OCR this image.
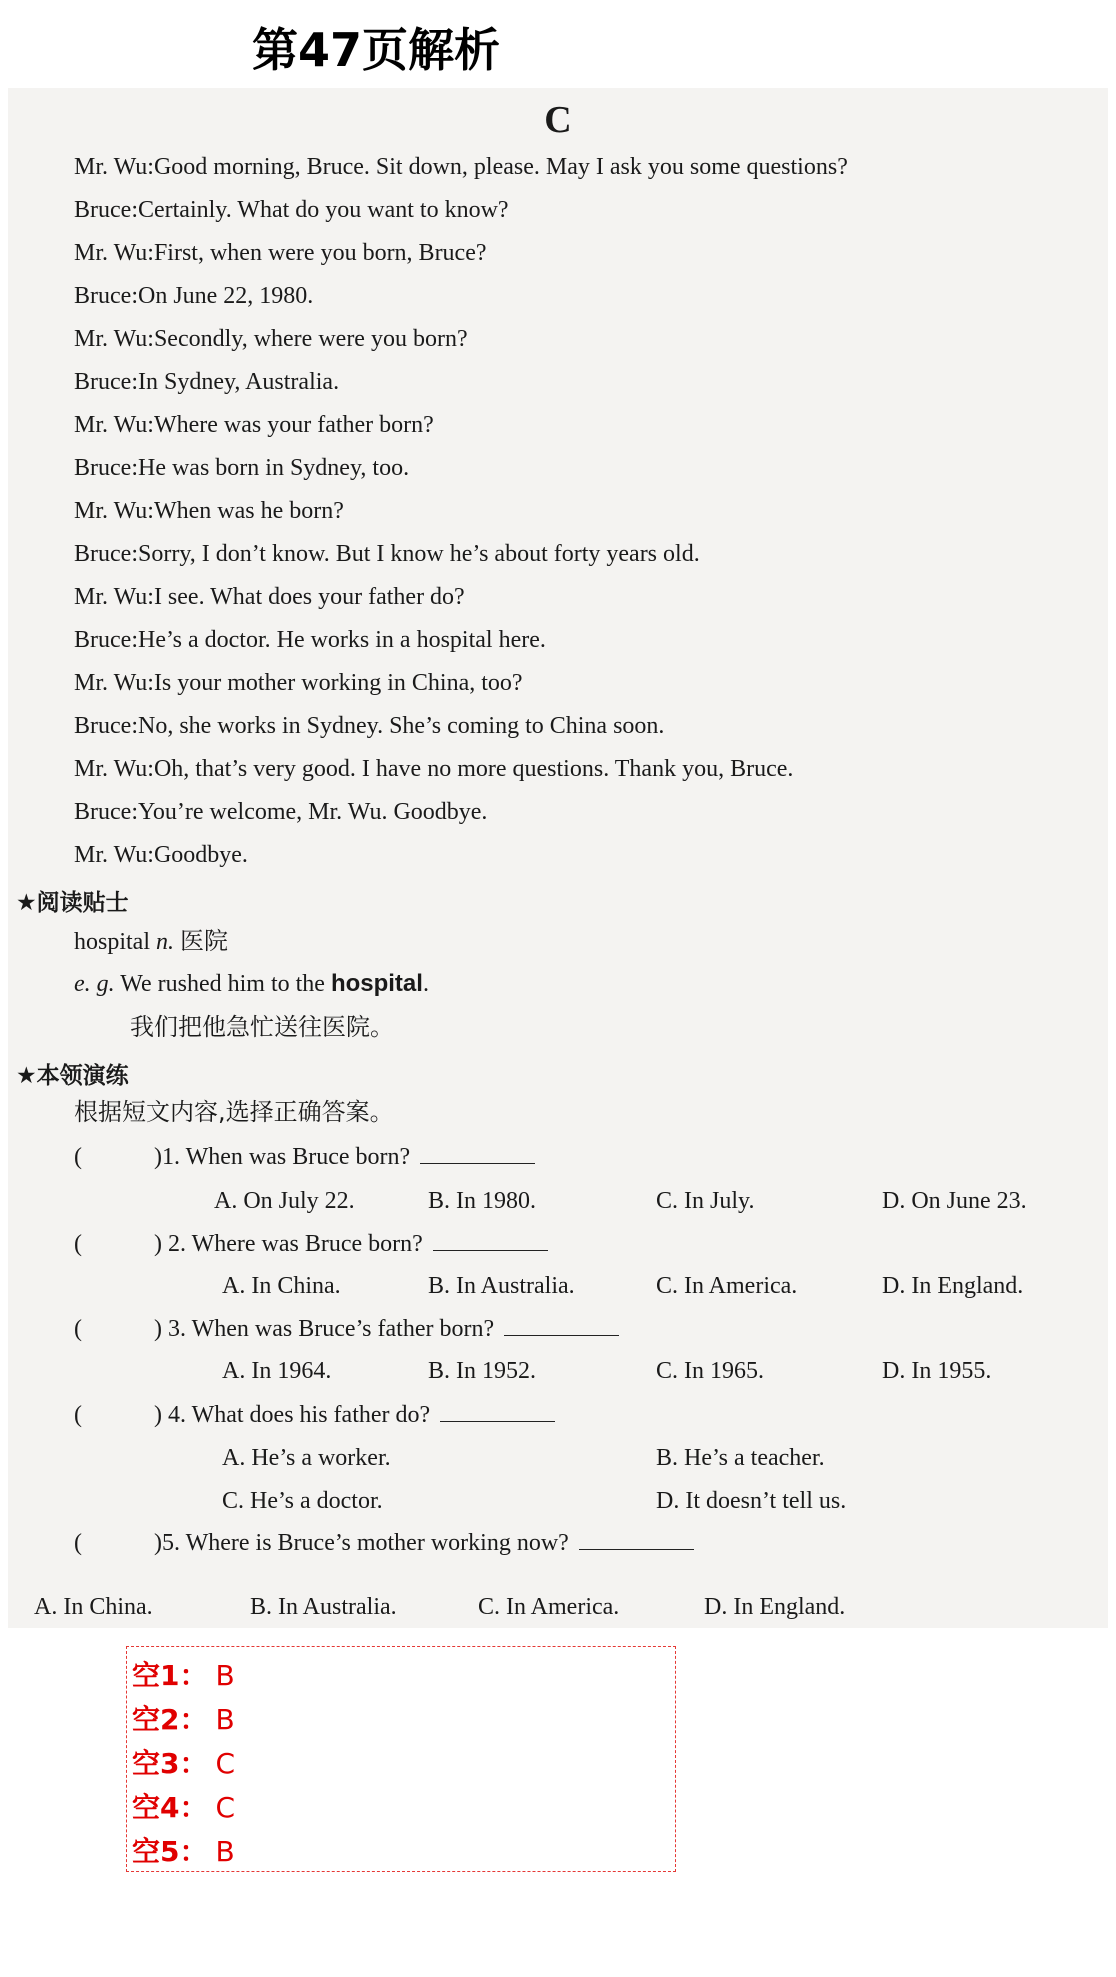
第47页解析
C
Mr. Wu:Good morning, Bruce. Sit down, please. May I ask you some questions?
Bruce:Certainly. What do you want to know?
Mr. Wu:First, when were you born, Bruce?
Bruce:On June 22, 1980.
Mr. Wu:Secondly, where were you born?
Bruce:In Sydney, Australia.
Mr. Wu:Where was your father born?
Bruce:He was born in Sydney, too.
Mr. Wu:When was he born?
Bruce:Sorry, I don’t know. But I know he’s about forty years old.
Mr. Wu:I see. What does your father do?
Bruce:He’s a doctor. He works in a hospital here.
Mr. Wu:Is your mother working in China, too?
Bruce:No, she works in Sydney. She’s coming to China soon.
Mr. Wu:Oh, that’s very good. I have no more questions. Thank you, Bruce.
Bruce:You’re welcome, Mr. Wu. Goodbye.
Mr. Wu:Goodbye.
★阅读贴士
hospital n. 医院
e. g. We rushed him to the hospital.
我们把他急忙送往医院。
★本领演练
根据短文内容,选择正确答案。
(	)1. When was Bruce born?
A. On July 22.	B. In 1980.	C. In July.	D. On June 23.
(	) 2. Where was Bruce born?
A. In China.	B. In Australia.	C. In America.	D. In England.
(	) 3. When was Bruce’s father born?
A. In 1964.	B. In 1952.	C. In 1965.	D. In 1955.
(	) 4. What does his father do?
A. He’s a worker.	B. He’s a teacher.
C. He’s a doctor.	D. It doesn’t tell us.
(	)5. Where is Bruce’s mother working now?
A. In China.	B. In Australia.	C. In America.	D. In England.
空1： B
空2： B
空3： C
空4： C
空5： B
